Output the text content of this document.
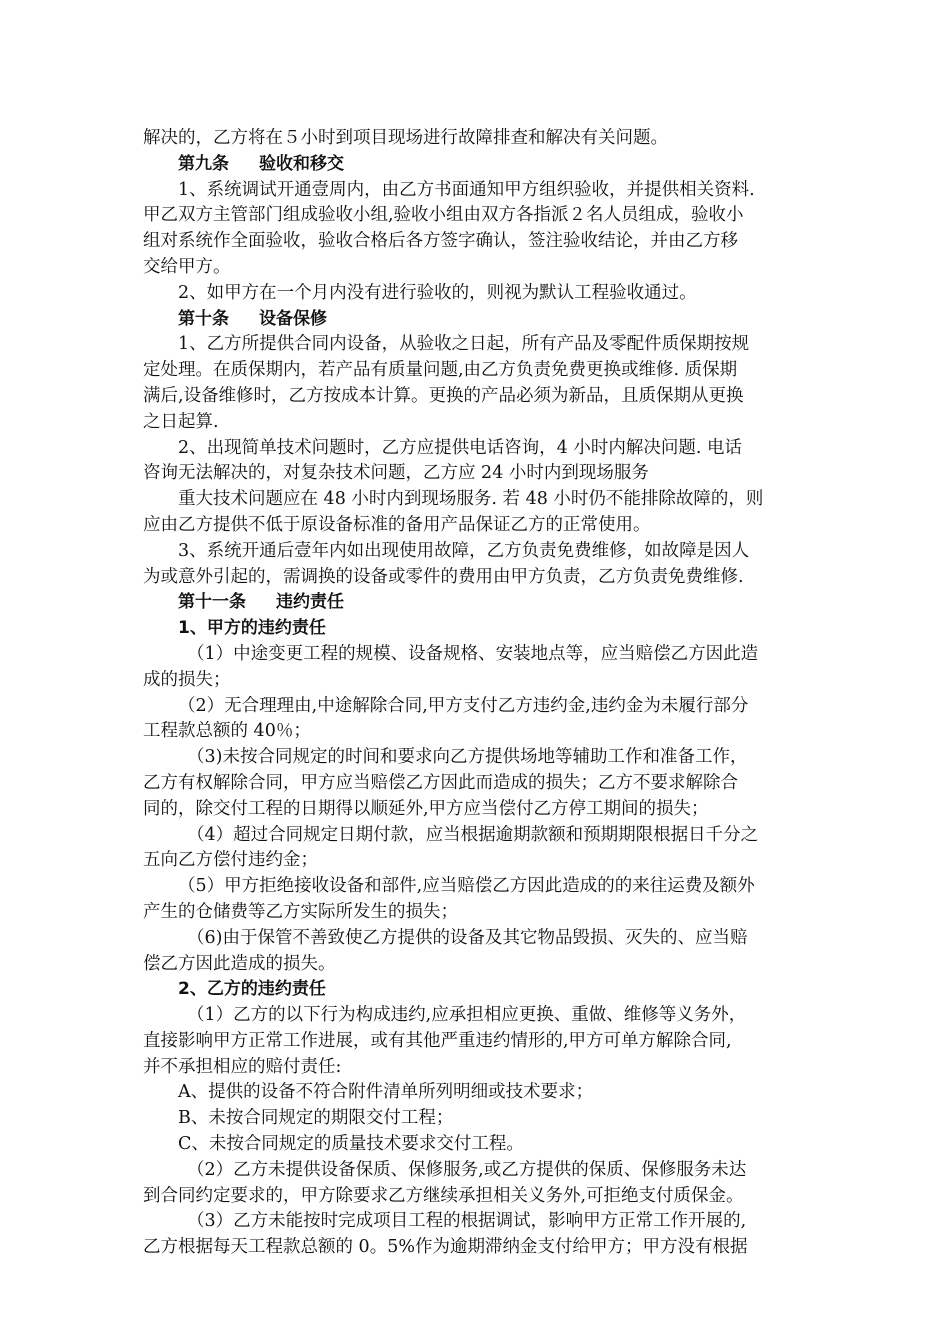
解决的，乙方将在５小时到项目现场进行故障排查和解决有关问题。
第九条 验收和移交
1、系统调试开通壹周内，由乙方书面通知甲方组织验收，并提供相关资料.
甲乙双方主管部门组成验收小组,验收小组由双方各指派２名人员组成，验收小
组对系统作全面验收，验收合格后各方签字确认，签注验收结论，并由乙方移
交给甲方。
2、如甲方在一个月内没有进行验收的，则视为默认工程验收通过。
第十条 设备保修
1、乙方所提供合同内设备，从验收之日起，所有产品及零配件质保期按规
定处理。在质保期内，若产品有质量问题,由乙方负责免费更换或维修. 质保期
满后,设备维修时，乙方按成本计算。更换的产品必须为新品，且质保期从更换
之日起算.
2、出现简单技术问题时，乙方应提供电话咨询，4 小时内解决问题. 电话
咨询无法解决的，对复杂技术问题，乙方应 24 小时内到现场服务
重大技术问题应在 48 小时内到现场服务. 若 48 小时仍不能排除故障的，则
应由乙方提供不低于原设备标准的备用产品保证乙方的正常使用。
3、系统开通后壹年内如出现使用故障，乙方负责免费维修，如故障是因人
为或意外引起的，需调换的设备或零件的费用由甲方负责，乙方负责免费维修.
第十一条 违约责任
1、甲方的违约责任
（1）中途变更工程的规模、设备规格、安装地点等，应当赔偿乙方因此造
成的损失；
（2）无合理理由,中途解除合同,甲方支付乙方违约金,违约金为未履行部分
工程款总额的 40％；
（3)未按合同规定的时间和要求向乙方提供场地等辅助工作和准备工作，
乙方有权解除合同，甲方应当赔偿乙方因此而造成的损失；乙方不要求解除合
同的，除交付工程的日期得以顺延外,甲方应当偿付乙方停工期间的损失；
（4）超过合同规定日期付款，应当根据逾期款额和预期期限根据日千分之
五向乙方偿付违约金；
（5）甲方拒绝接收设备和部件,应当赔偿乙方因此造成的的来往运费及额外
产生的仓储费等乙方实际所发生的损失；
（6)由于保管不善致使乙方提供的设备及其它物品毁损、灭失的、应当赔
偿乙方因此造成的损失。
2、乙方的违约责任
（1）乙方的以下行为构成违约,应承担相应更换、重做、维修等义务外，
直接影响甲方正常工作进展，或有其他严重违约情形的,甲方可单方解除合同,
并不承担相应的赔付责任:
A、提供的设备不符合附件清单所列明细或技术要求；
B、未按合同规定的期限交付工程；
C、未按合同规定的质量技术要求交付工程。
（2）乙方未提供设备保质、保修服务,或乙方提供的保质、保修服务未达
到合同约定要求的，甲方除要求乙方继续承担相关义务外,可拒绝支付质保金。
（3）乙方未能按时完成项目工程的根据调试，影响甲方正常工作开展的,
乙方根据每天工程款总额的 0。5%作为逾期滞纳金支付给甲方；甲方没有根据
